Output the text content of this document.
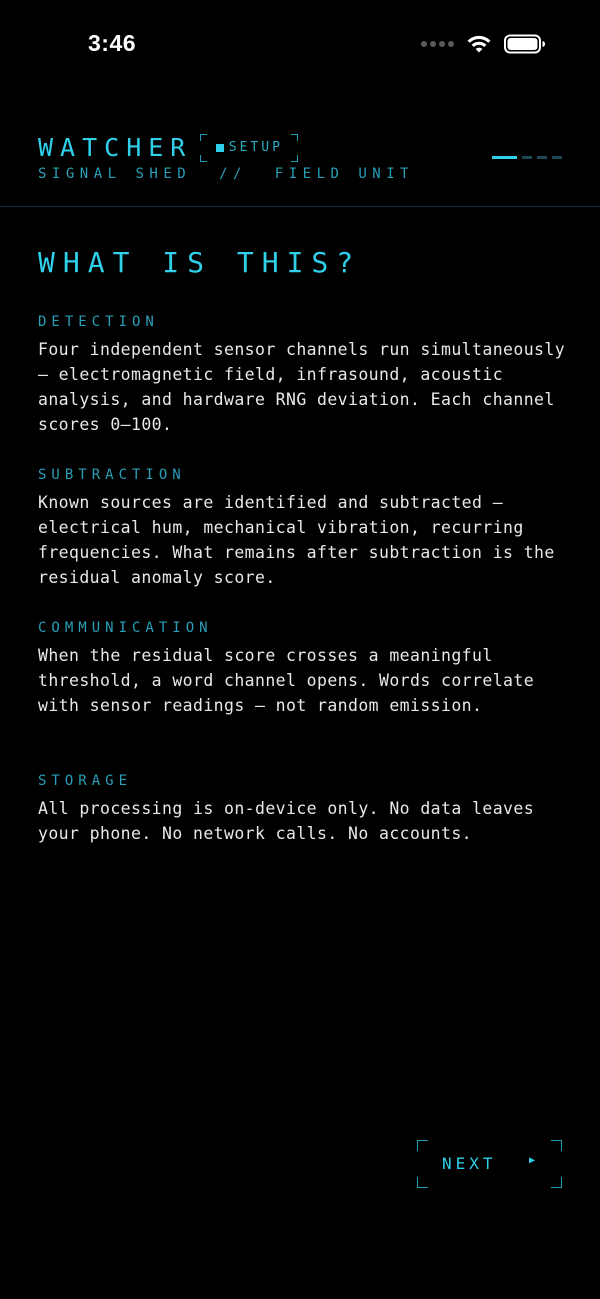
3:46
WATCHER	SETUP
SIGNAL SHED  //  FIELD UNIT
WHAT IS THIS?
DETECTION
Four independent sensor channels run simultaneously — electromagnetic field, infrasound, acoustic analysis, and hardware RNG deviation. Each channel scores 0–100.
SUBTRACTION
Known sources are identified and subtracted — electrical hum, mechanical vibration, recurring frequencies. What remains after subtraction is the residual anomaly score.
COMMUNICATION
When the residual score crosses a meaningful threshold, a word channel opens. Words correlate with sensor readings — not random emission.
STORAGE
All processing is on-device only. No data leaves your phone. No network calls. No accounts.
NEXT	▶
